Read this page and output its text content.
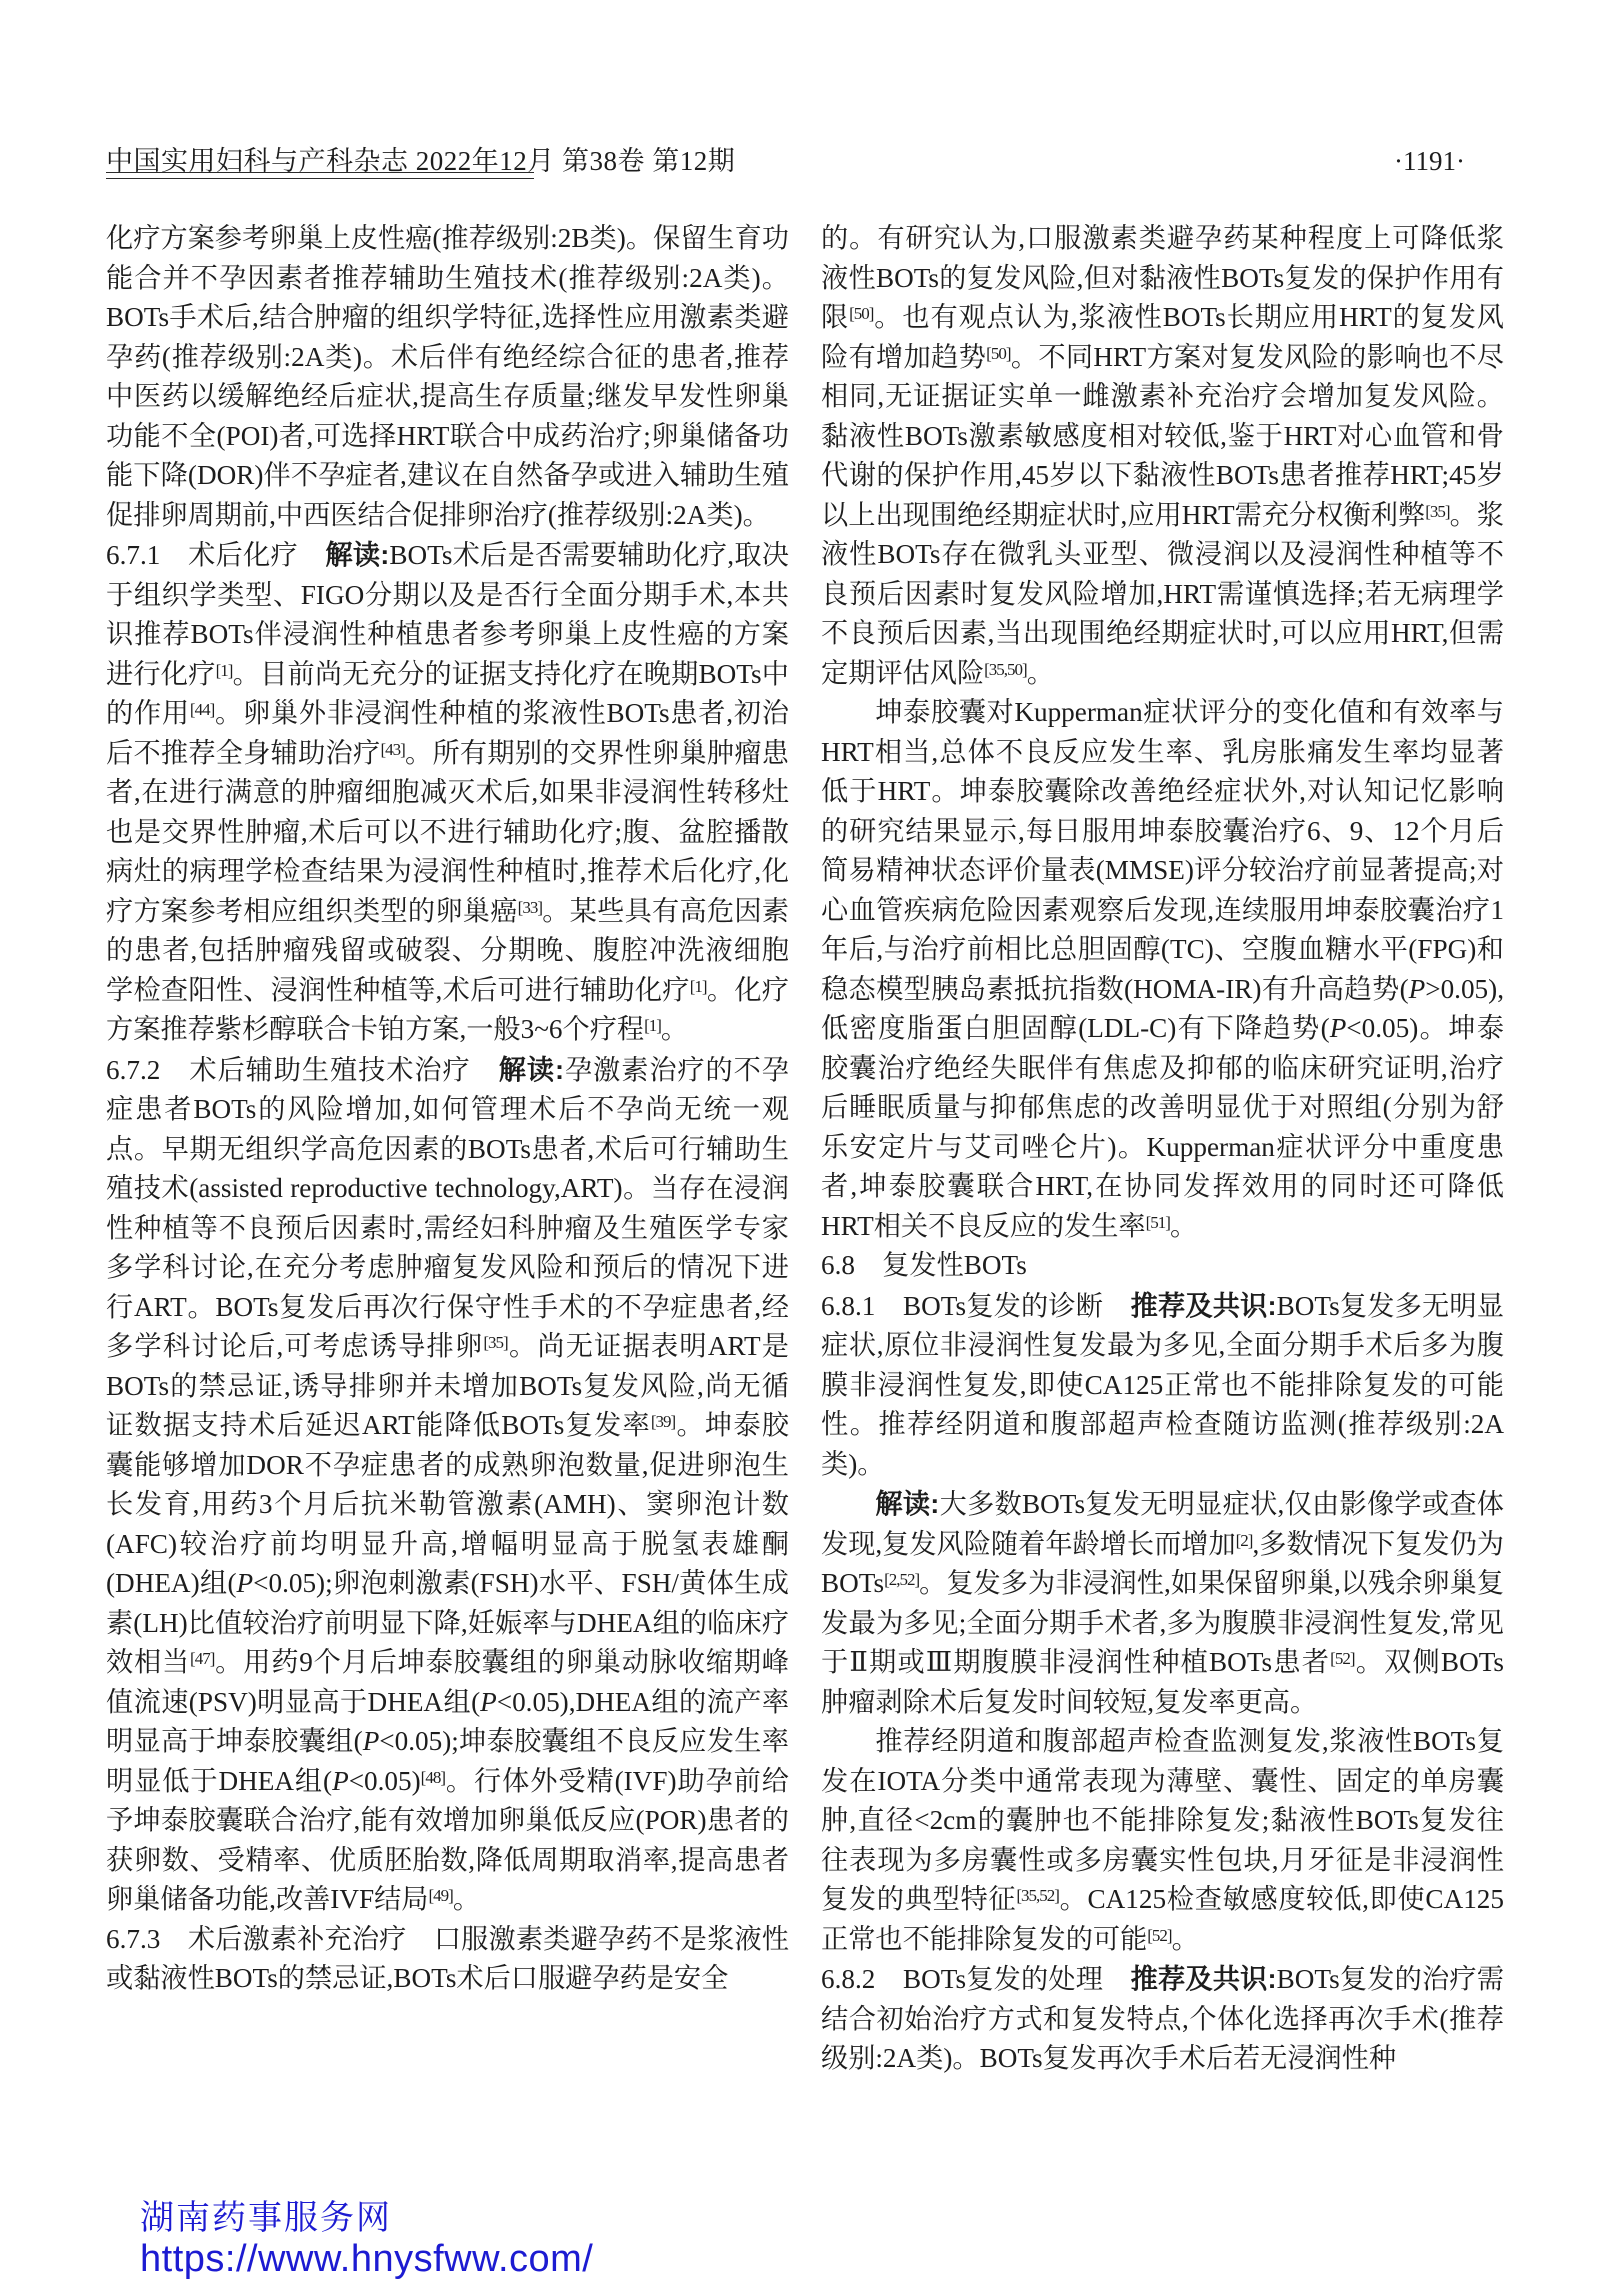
中国实用妇科与产科杂志 2022年12月 第38卷 第12期	·1191·

化疗方案参考卵巢上皮性癌(推荐级别:2B类)。保留生育功能合并不孕因素者推荐辅助生殖技术(推荐级别:2A类)。BOTs手术后,结合肿瘤的组织学特征,选择性应用激素类避孕药(推荐级别:2A类)。术后伴有绝经综合征的患者,推荐中医药以缓解绝经后症状,提高生存质量;继发早发性卵巢功能不全(POI)者,可选择HRT联合中成药治疗;卵巢储备功能下降(DOR)伴不孕症者,建议在自然备孕或进入辅助生殖促排卵周期前,中西医结合促排卵治疗(推荐级别:2A类)。

6.7.1　术后化疗　解读:BOTs术后是否需要辅助化疗,取决于组织学类型、FIGO分期以及是否行全面分期手术,本共识推荐BOTs伴浸润性种植患者参考卵巢上皮性癌的方案进行化疗[1]。目前尚无充分的证据支持化疗在晚期BOTs中的作用[44]。卵巢外非浸润性种植的浆液性BOTs患者,初治后不推荐全身辅助治疗[43]。所有期别的交界性卵巢肿瘤患者,在进行满意的肿瘤细胞减灭术后,如果非浸润性转移灶也是交界性肿瘤,术后可以不进行辅助化疗;腹、盆腔播散病灶的病理学检查结果为浸润性种植时,推荐术后化疗,化疗方案参考相应组织类型的卵巢癌[33]。某些具有高危因素的患者,包括肿瘤残留或破裂、分期晚、腹腔冲洗液细胞学检查阳性、浸润性种植等,术后可进行辅助化疗[1]。化疗方案推荐紫杉醇联合卡铂方案,一般3~6个疗程[1]。

6.7.2　术后辅助生殖技术治疗　解读:孕激素治疗的不孕症患者BOTs的风险增加,如何管理术后不孕尚无统一观点。早期无组织学高危因素的BOTs患者,术后可行辅助生殖技术(assisted reproductive technology,ART)。当存在浸润性种植等不良预后因素时,需经妇科肿瘤及生殖医学专家多学科讨论,在充分考虑肿瘤复发风险和预后的情况下进行ART。BOTs复发后再次行保守性手术的不孕症患者,经多学科讨论后,可考虑诱导排卵[35]。尚无证据表明ART是BOTs的禁忌证,诱导排卵并未增加BOTs复发风险,尚无循证数据支持术后延迟ART能降低BOTs复发率[39]。坤泰胶囊能够增加DOR不孕症患者的成熟卵泡数量,促进卵泡生长发育,用药3个月后抗米勒管激素(AMH)、窦卵泡计数(AFC)较治疗前均明显升高,增幅明显高于脱氢表雄酮(DHEA)组(P<0.05);卵泡刺激素(FSH)水平、FSH/黄体生成素(LH)比值较治疗前明显下降,妊娠率与DHEA组的临床疗效相当[47]。用药9个月后坤泰胶囊组的卵巢动脉收缩期峰值流速(PSV)明显高于DHEA组(P<0.05),DHEA组的流产率明显高于坤泰胶囊组(P<0.05);坤泰胶囊组不良反应发生率明显低于DHEA组(P<0.05)[48]。行体外受精(IVF)助孕前给予坤泰胶囊联合治疗,能有效增加卵巢低反应(POR)患者的获卵数、受精率、优质胚胎数,降低周期取消率,提高患者卵巢储备功能,改善IVF结局[49]。

6.7.3　术后激素补充治疗　口服激素类避孕药不是浆液性或黏液性BOTs的禁忌证,BOTs术后口服避孕药是安全

的。有研究认为,口服激素类避孕药某种程度上可降低浆液性BOTs的复发风险,但对黏液性BOTs复发的保护作用有限[50]。也有观点认为,浆液性BOTs长期应用HRT的复发风险有增加趋势[50]。不同HRT方案对复发风险的影响也不尽相同,无证据证实单一雌激素补充治疗会增加复发风险。黏液性BOTs激素敏感度相对较低,鉴于HRT对心血管和骨代谢的保护作用,45岁以下黏液性BOTs患者推荐HRT;45岁以上出现围绝经期症状时,应用HRT需充分权衡利弊[35]。浆液性BOTs存在微乳头亚型、微浸润以及浸润性种植等不良预后因素时复发风险增加,HRT需谨慎选择;若无病理学不良预后因素,当出现围绝经期症状时,可以应用HRT,但需定期评估风险[35,50]。

坤泰胶囊对Kupperman症状评分的变化值和有效率与HRT相当,总体不良反应发生率、乳房胀痛发生率均显著低于HRT。坤泰胶囊除改善绝经症状外,对认知记忆影响的研究结果显示,每日服用坤泰胶囊治疗6、9、12个月后简易精神状态评价量表(MMSE)评分较治疗前显著提高;对心血管疾病危险因素观察后发现,连续服用坤泰胶囊治疗1年后,与治疗前相比总胆固醇(TC)、空腹血糖水平(FPG)和稳态模型胰岛素抵抗指数(HOMA-IR)有升高趋势(P>0.05),低密度脂蛋白胆固醇(LDL-C)有下降趋势(P<0.05)。坤泰胶囊治疗绝经失眠伴有焦虑及抑郁的临床研究证明,治疗后睡眠质量与抑郁焦虑的改善明显优于对照组(分别为舒乐安定片与艾司唑仑片)。Kupperman症状评分中重度患者,坤泰胶囊联合HRT,在协同发挥效用的同时还可降低HRT相关不良反应的发生率[51]。

6.8　复发性BOTs

6.8.1　BOTs复发的诊断　推荐及共识:BOTs复发多无明显症状,原位非浸润性复发最为多见,全面分期手术后多为腹膜非浸润性复发,即使CA125正常也不能排除复发的可能性。推荐经阴道和腹部超声检查随访监测(推荐级别:2A类)。

解读:大多数BOTs复发无明显症状,仅由影像学或查体发现,复发风险随着年龄增长而增加[2],多数情况下复发仍为BOTs[2,52]。复发多为非浸润性,如果保留卵巢,以残余卵巢复发最为多见;全面分期手术者,多为腹膜非浸润性复发,常见于Ⅱ期或Ⅲ期腹膜非浸润性种植BOTs患者[52]。双侧BOTs肿瘤剥除术后复发时间较短,复发率更高。

推荐经阴道和腹部超声检查监测复发,浆液性BOTs复发在IOTA分类中通常表现为薄壁、囊性、固定的单房囊肿,直径<2cm的囊肿也不能排除复发;黏液性BOTs复发往往表现为多房囊性或多房囊实性包块,月牙征是非浸润性复发的典型特征[35,52]。CA125检查敏感度较低,即使CA125正常也不能排除复发的可能[52]。

6.8.2　BOTs复发的处理　推荐及共识:BOTs复发的治疗需结合初始治疗方式和复发特点,个体化选择再次手术(推荐级别:2A类)。BOTs复发再次手术后若无浸润性种

湖南药事服务网
https://www.hnysfww.com/
